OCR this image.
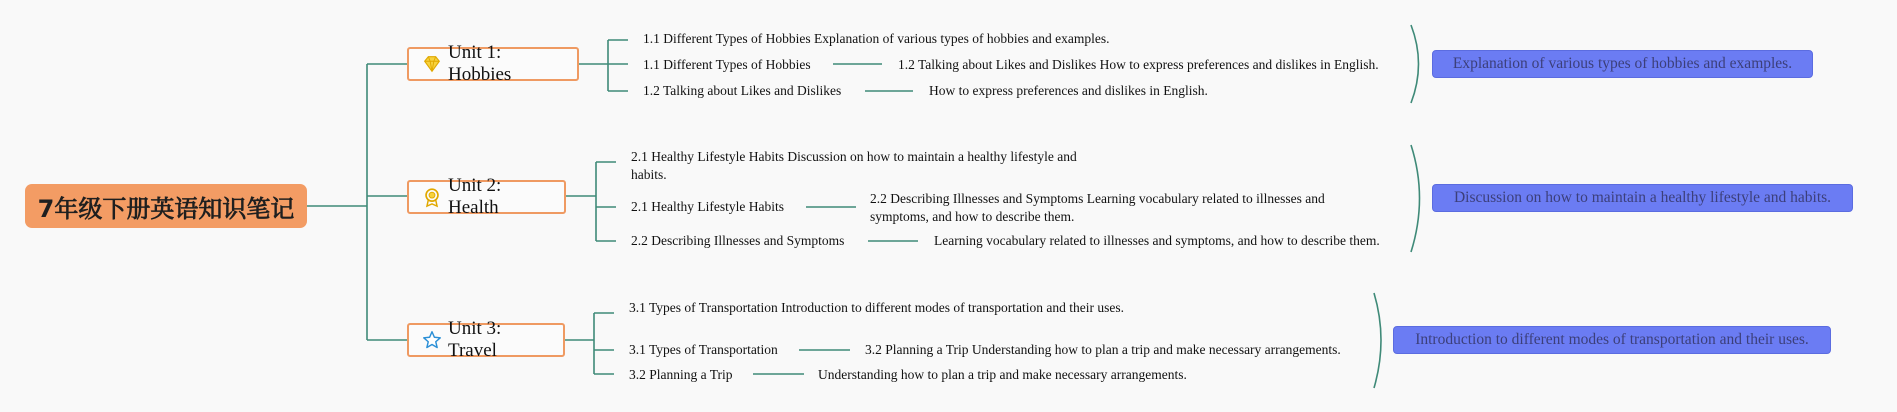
7年级下册英语知识笔记
Unit 1: Hobbies
1.1 Different Types of Hobbies Explanation of various types of hobbies and examples.
1.1 Different Types of Hobbies	1.2 Talking about Likes and Dislikes How to express preferences and dislikes in English.
1.2 Talking about Likes and Dislikes	How to express preferences and dislikes in English.
Explanation of various types of hobbies and examples.
Unit 2: Health
2.1 Healthy Lifestyle Habits Discussion on how to maintain a healthy lifestyle and habits.
2.1 Healthy Lifestyle Habits
2.2 Describing Illnesses and Symptoms Learning vocabulary related to illnesses and symptoms, and how to describe them.
2.2 Describing Illnesses and Symptoms	Learning vocabulary related to illnesses and symptoms, and how to describe them.
Discussion on how to maintain a healthy lifestyle and habits.
Unit 3: Travel
3.1 Types of Transportation Introduction to different modes of transportation and their uses.
3.1 Types of Transportation	3.2 Planning a Trip Understanding how to plan a trip and make necessary arrangements.
3.2 Planning a Trip	Understanding how to plan a trip and make necessary arrangements.
Introduction to different modes of transportation and their uses.
